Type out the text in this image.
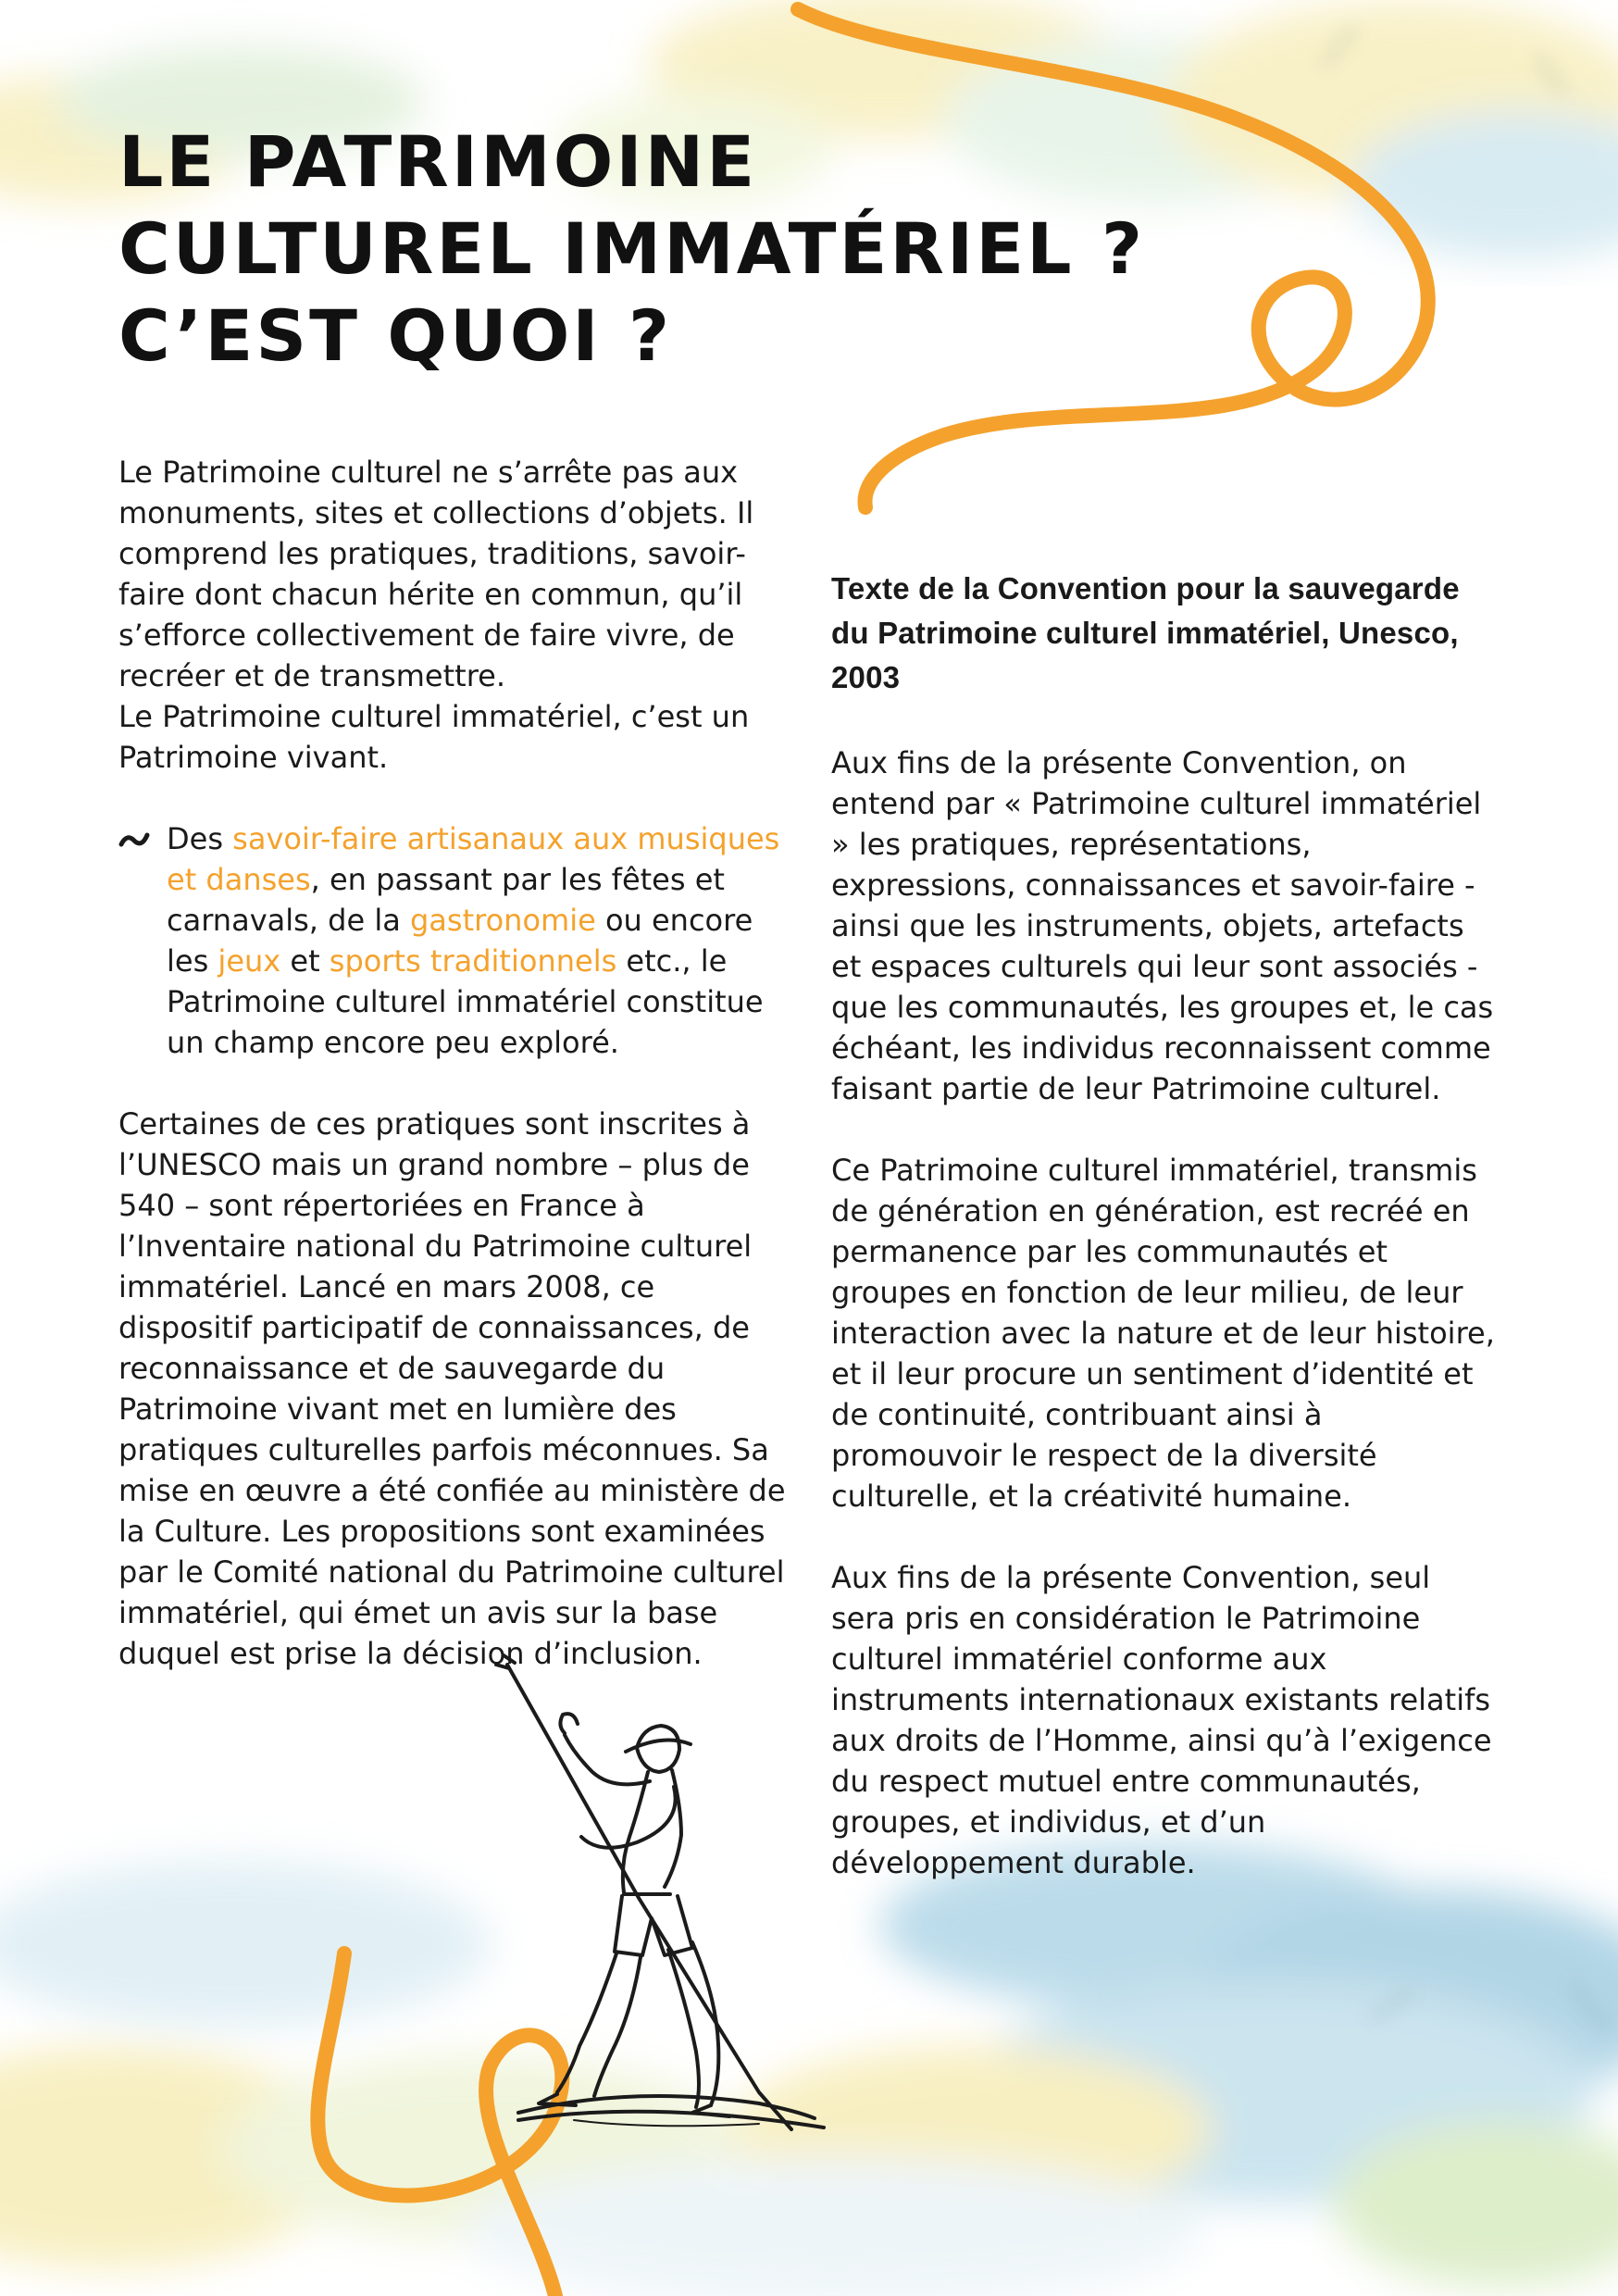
LE PATRIMOINE
CULTUREL IMMATÉRIEL ?
C’EST QUOI ?

Le Patrimoine culturel ne s’arrête pas aux monuments, sites et collections d’objets. Il comprend les pratiques, traditions, savoir-faire dont chacun hérite en commun, qu’il s’efforce collectivement de faire vivre, de recréer et de transmettre.

Le Patrimoine culturel immatériel, c’est un Patrimoine vivant.

Des savoir-faire artisanaux aux musiques et danses, en passant par les fêtes et carnavals, de la gastronomie ou encore les jeux et sports traditionnels etc., le Patrimoine culturel immatériel constitue un champ encore peu exploré.

Certaines de ces pratiques sont inscrites à l’UNESCO mais un grand nombre – plus de 540 – sont répertoriées en France à l’Inventaire national du Patrimoine culturel immatériel. Lancé en mars 2008, ce dispositif participatif de connaissances, de reconnaissance et de sauvegarde du Patrimoine vivant met en lumière des pratiques culturelles parfois méconnues. Sa mise en œuvre a été confiée au ministère de la Culture. Les propositions sont examinées par le Comité national du Patrimoine culturel immatériel, qui émet un avis sur la base duquel est prise la décision d’inclusion.

Texte de la Convention pour la sauvegarde du Patrimoine culturel immatériel, Unesco, 2003

Aux fins de la présente Convention, on entend par « Patrimoine culturel immatériel » les pratiques, représentations, expressions, connaissances et savoir-faire - ainsi que les instruments, objets, artefacts et espaces culturels qui leur sont associés - que les communautés, les groupes et, le cas échéant, les individus reconnaissent comme faisant partie de leur Patrimoine culturel.

Ce Patrimoine culturel immatériel, transmis de génération en génération, est recréé en permanence par les communautés et groupes en fonction de leur milieu, de leur interaction avec la nature et de leur histoire, et il leur procure un sentiment d’identité et de continuité, contribuant ainsi à promouvoir le respect de la diversité culturelle, et la créativité humaine.

Aux fins de la présente Convention, seul sera pris en considération le Patrimoine culturel immatériel conforme aux instruments internationaux existants relatifs aux droits de l’Homme, ainsi qu’à l’exigence du respect mutuel entre communautés, groupes, et individus, et d’un développement durable.
